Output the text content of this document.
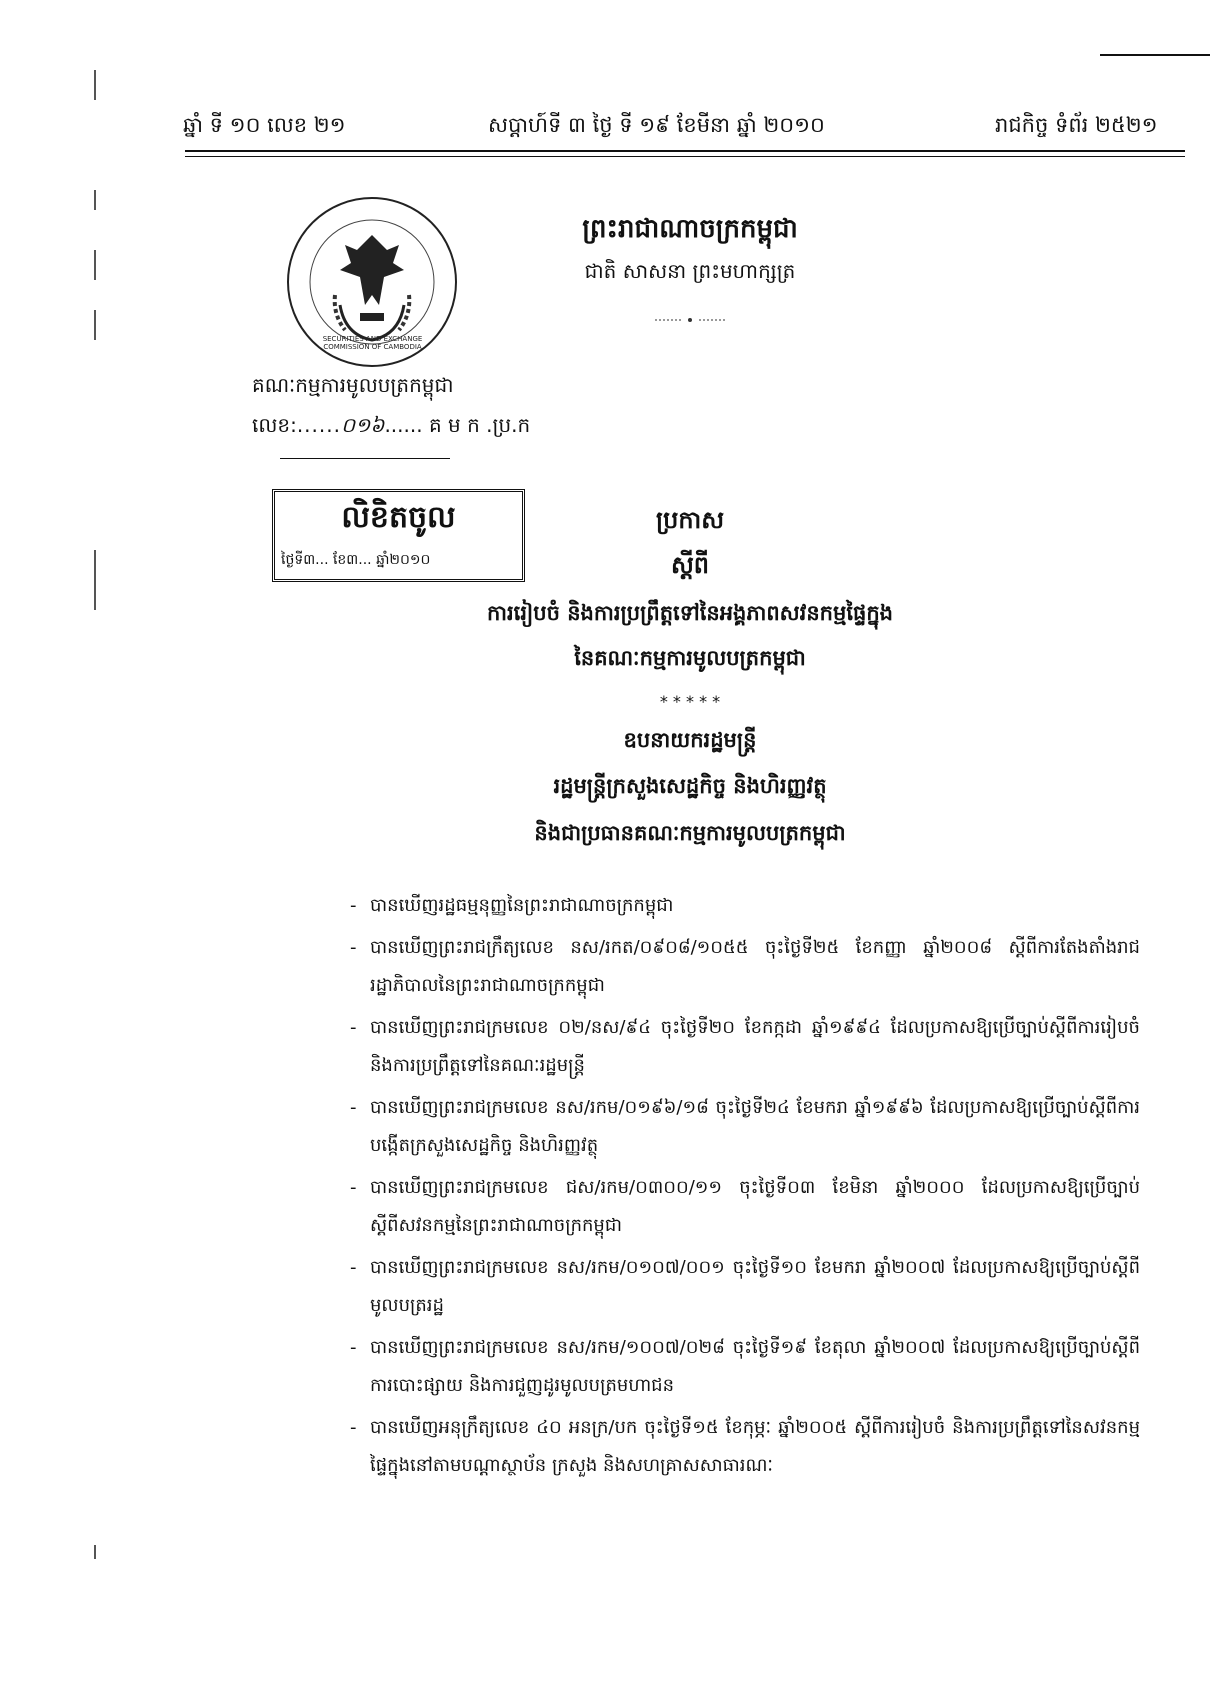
ឆ្នាំ ទី ១០ លេខ ២១	សប្តាហ៍ទី ៣ ថ្ងៃ ទី ១៩ ខែមីនា ឆ្នាំ ២០១០	រាជកិច្ច ទំព័រ ២៥២១
SECURITIES AND EXCHANGE COMMISSION OF CAMBODIA
ព្រះរាជាណាចក្រកម្ពុជា
ជាតិ សាសនា ព្រះមហាក្សត្រ
គណៈកម្មការមូលបត្រកម្ពុជា
លេខ:......០១៦...... គ ម ក .ប្រ.ក
លិខិតចូល
ថ្ងៃទី៣... ខែ៣... ឆ្នាំ២០១០
ប្រកាស
ស្តីពី
ការរៀបចំ និងការប្រព្រឹត្តទៅនៃអង្គភាពសវនកម្មផ្ទៃក្នុង
នៃគណៈកម្មការមូលបត្រកម្ពុជា
* * * * *
ឧបនាយករដ្ឋមន្ត្រី
រដ្ឋមន្ត្រីក្រសួងសេដ្ឋកិច្ច និងហិរញ្ញវត្ថុ
និងជាប្រធានគណៈកម្មការមូលបត្រកម្ពុជា
- បានឃើញរដ្ឋធម្មនុញ្ញនៃព្រះរាជាណាចក្រកម្ពុជា
- បានឃើញព្រះរាជក្រឹត្យលេខ នស/រកត/០៩០៨/១០៥៥ ចុះថ្ងៃទី២៥ ខែកញ្ញា ឆ្នាំ២០០៨ ស្តីពីការតែងតាំងរាជរដ្ឋាភិបាលនៃព្រះរាជាណាចក្រកម្ពុជា
- បានឃើញព្រះរាជក្រមលេខ ០២/នស/៩៤ ចុះថ្ងៃទី២០ ខែកក្កដា ឆ្នាំ១៩៩៤ ដែលប្រកាសឱ្យប្រើច្បាប់ស្តីពីការរៀបចំ និងការប្រព្រឹត្តទៅនៃគណៈរដ្ឋមន្ត្រី
- បានឃើញព្រះរាជក្រមលេខ នស/រកម/០១៩៦/១៨ ចុះថ្ងៃទី២៤ ខែមករា ឆ្នាំ១៩៩៦ ដែលប្រកាសឱ្យប្រើច្បាប់ស្តីពីការបង្កើតក្រសួងសេដ្ឋកិច្ច និងហិរញ្ញវត្ថុ
- បានឃើញព្រះរាជក្រមលេខ ជស/រកម/០៣០០/១១ ចុះថ្ងៃទី០៣ ខែមិនា ឆ្នាំ២០០០ ដែលប្រកាសឱ្យប្រើច្បាប់ស្តីពីសវនកម្មនៃព្រះរាជាណាចក្រកម្ពុជា
- បានឃើញព្រះរាជក្រមលេខ នស/រកម/០១០៧/០០១ ចុះថ្ងៃទី១០ ខែមករា ឆ្នាំ២០០៧ ដែលប្រកាសឱ្យប្រើច្បាប់ស្តីពីមូលបត្ររដ្ឋ
- បានឃើញព្រះរាជក្រមលេខ នស/រកម/១០០៧/០២៨ ចុះថ្ងៃទី១៩ ខែតុលា ឆ្នាំ២០០៧ ដែលប្រកាសឱ្យប្រើច្បាប់ស្តីពីការបោះផ្សាយ និងការជួញដូរមូលបត្រមហាជន
- បានឃើញអនុក្រឹត្យលេខ ៤០ អនក្រ/បក ចុះថ្ងៃទី១៥ ខែកុម្ភៈ ឆ្នាំ២០០៥ ស្តីពីការរៀបចំ និងការប្រព្រឹត្តទៅនៃសវនកម្មផ្ទៃក្នុងនៅតាមបណ្តាស្ថាប័ន ក្រសួង និងសហគ្រាសសាធារណៈ
